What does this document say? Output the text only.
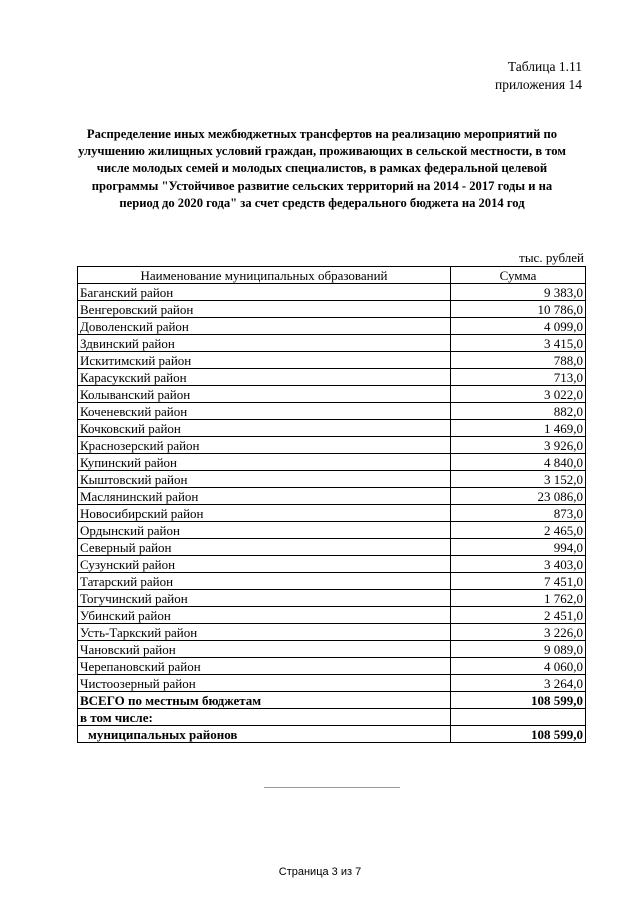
Таблица 1.11
приложения 14
Распределение иных межбюджетных трансфертов на реализацию мероприятий по
улучшению жилищных условий граждан, проживающих в сельской местности, в том
числе молодых семей и молодых специалистов, в рамках федеральной целевой
программы "Устойчивое развитие сельских территорий на 2014 - 2017 годы и на
период до 2020 года" за счет средств федерального бюджета на 2014 год
тыс. рублей
Наименование муниципальных образований	Сумма
Баганский район	9 383,0
Венгеровский район	10 786,0
Доволенский район	4 099,0
Здвинский район	3 415,0
Искитимский район	788,0
Карасукский район	713,0
Колыванский район	3 022,0
Коченевский район	882,0
Кочковский район	1 469,0
Краснозерский район	3 926,0
Купинский район	4 840,0
Кыштовский район	3 152,0
Маслянинский район	23 086,0
Новосибирский район	873,0
Ордынский район	2 465,0
Северный район	994,0
Сузунский район	3 403,0
Татарский район	7 451,0
Тогучинский район	1 762,0
Убинский район	2 451,0
Усть-Таркский район	3 226,0
Чановский район	9 089,0
Черепановский район	4 060,0
Чистоозерный район	3 264,0
ВСЕГО по местным бюджетам	108 599,0
в том числе:	
муниципальных районов	108 599,0
Страница 3 из 7
